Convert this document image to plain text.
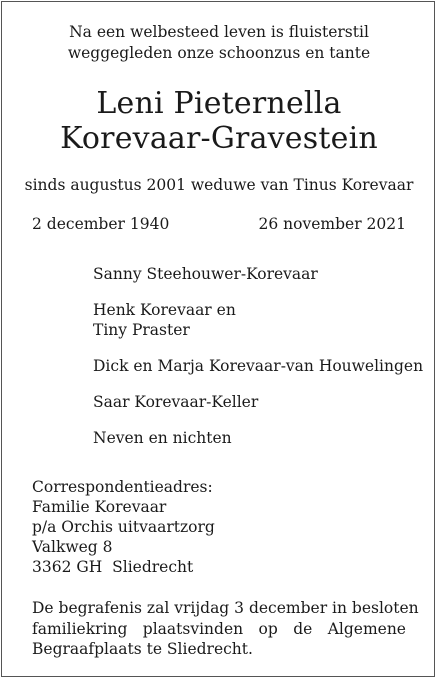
Na een welbesteed leven is fluisterstil
weggegleden onze schoonzus en tante
Leni Pieternella
Korevaar-Gravestein
sinds augustus 2001 weduwe van Tinus Korevaar
2 december 1940	26 november 2021
Sanny Steehouwer-Korevaar
Henk Korevaar en
Tiny Praster
Dick en Marja Korevaar-van Houwelingen
Saar Korevaar-Keller
Neven en nichten
Correspondentieadres:
Familie Korevaar
p/a Orchis uitvaartzorg
Valkweg 8
3362 GH  Sliedrecht
De begrafenis zal vrijdag 3 december in besloten
familiekring plaatsvinden op de Algemene
Begraafplaats te Sliedrecht.
